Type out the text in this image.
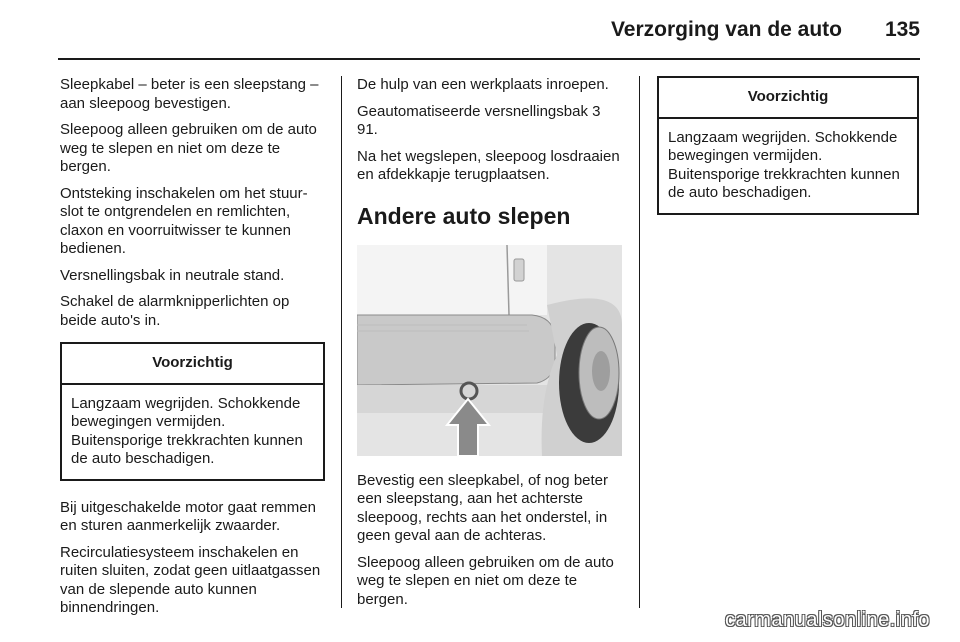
Verzorging van de auto 135

Sleepkabel – beter is een sleepstang – aan sleepoog bevestigen.

Sleepoog alleen gebruiken om de auto weg te slepen en niet om deze te bergen.

Ontsteking inschakelen om het stuurslot te ontgrendelen en remlichten, claxon en voorruitwisser te kunnen bedienen.

Versnellingsbak in neutrale stand.

Schakel de alarmknipperlichten op beide auto's in.

Voorzichtig
Langzaam wegrijden. Schokkende bewegingen vermijden. Buitensporige trekkrachten kunnen de auto beschadigen.

Bij uitgeschakelde motor gaat remmen en sturen aanmerkelijk zwaarder.

Recirculatiesysteem inschakelen en ruiten sluiten, zodat geen uitlaatgassen van de slepende auto kunnen binnendringen.

De hulp van een werkplaats inroepen.

Geautomatiseerde versnellingsbak 3 91.

Na het wegslepen, sleepoog losdraaien en afdekkapje terugplaatsen.

Andere auto slepen

Bevestig een sleepkabel, of nog beter een sleepstang, aan het achterste sleepoog, rechts aan het onderstel, in geen geval aan de achteras.

Sleepoog alleen gebruiken om de auto weg te slepen en niet om deze te bergen.

Voorzichtig
Langzaam wegrijden. Schokkende bewegingen vermijden. Buitensporige trekkrachten kunnen de auto beschadigen.
carmanualsonline.info
